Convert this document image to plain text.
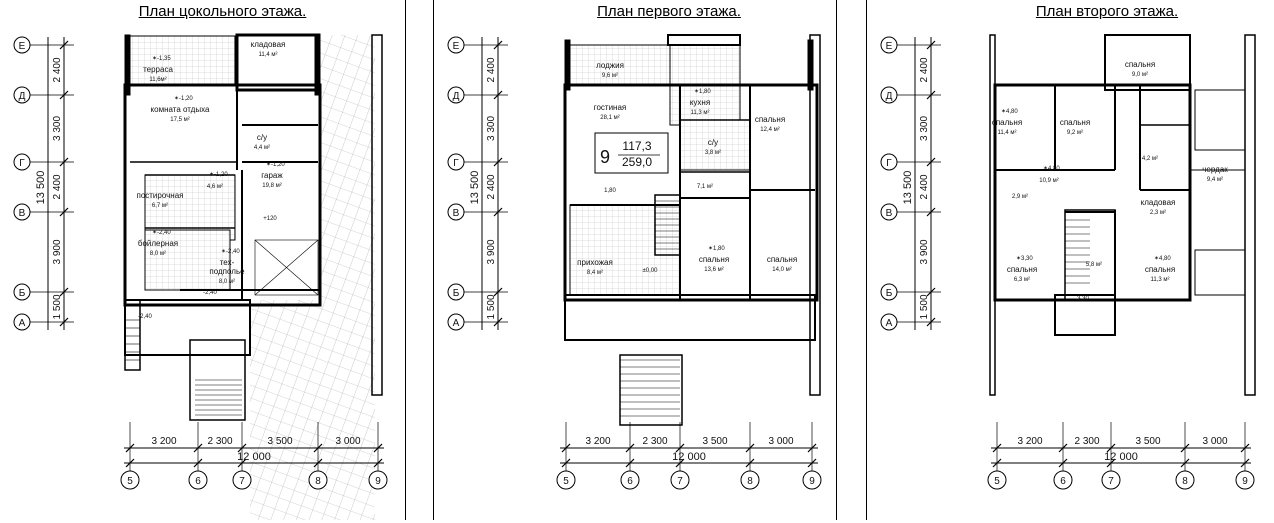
Е
Д
Г
В
Б
А
2 400
3 300
2 400
3 900
1 500
13 500
5	6	7	8	9
3 200	2 300	3 500	3 000
12 000
терраса
11,6м²
✶-1,35
кладовая
11,4 м²
комната отдыха
17,5 м²
✶-1,20
с/у
4,4 м²
4,6 м²
✶-1,20	гараж
19,8 м²
✶-1,20
постирочная
6,7 м²
бойлерная
8,0 м²
✶-2,40
тех-
подполье
8,0 м²
✶-2,40
+120
-2,40
-2,40
План цокольного этажа.
9
117,3
259,0
Е
Д
Г
В
Б
А
2 400
3 300
2 400
3 900
1 500
13 500
5	6	7	8	9
3 200	2 300	3 500	3 000
12 000
лоджия
9,6 м²
кухня
11,3 м²
✶1,80
гостиная
28,1 м²	спальня
12,4 м²
с/у
3,8 м²
7,1 м²
прихожая
8,4 м²
спальня
13,6 м²
✶1,80
спальня
14,0 м²
1,80
±0,00
План первого этажа.
Е
Д
Г
В
Б
А
2 400
3 300
2 400
3 900
1 500
13 500
5	6	7	8	9
3 200	2 300	3 500	3 000
12 000
спальня
11,4 м²
✶4,80
спальня
9,2 м²
спальня
9,0 м²
4,2 м²
чердак
9,4 м²
10,9 м²
✶4,80
2,9 м²
кладовая
2,3 м²
спальня
6,3 м²
✶3,30
5,8 м²	спальня
11,3 м²
✶4,80
3,30
План второго этажа.
